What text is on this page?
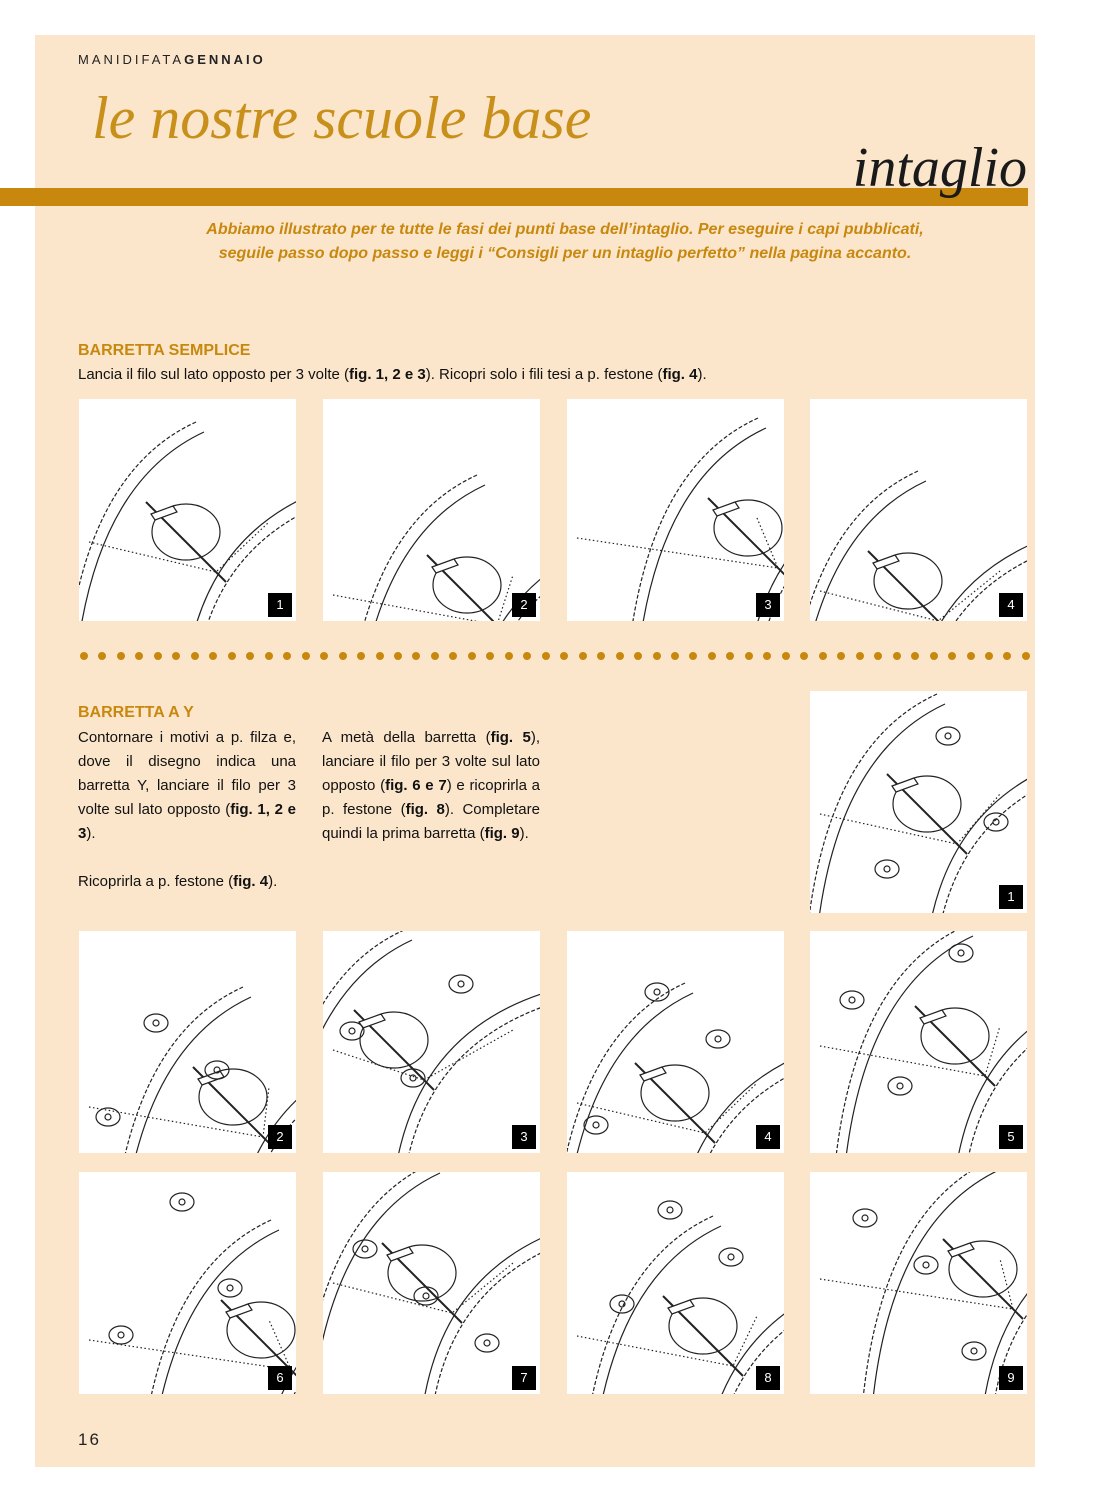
MANIDIFATAGENNAIO
le nostre scuole base
intaglio
Abbiamo illustrato per te tutte le fasi dei punti base dell’intaglio. Per eseguire i capi pubblicati,
seguile passo dopo passo e leggi i “Consigli per un intaglio perfetto” nella pagina accanto.
BARRETTA SEMPLICE
Lancia il filo sul lato opposto per 3 volte (fig. 1, 2 e 3). Ricopri solo i fili tesi a p. festone (fig. 4).
1	2	3	4
BARRETTA A Y
Contornare i motivi a p. filza e, dove il disegno indica una barretta Y, lanciare il filo per 3 volte sul lato opposto (fig. 1, 2 e 3).
Ricoprirla a p. festone (fig. 4).
A metà della barretta (fig. 5), lanciare il filo per 3 volte sul lato opposto (fig. 6 e 7) e ricoprirla a p. festone (fig. 8). Completare quindi la prima barretta (fig. 9).
1
2	3	4	5
6	7	8	9
16
